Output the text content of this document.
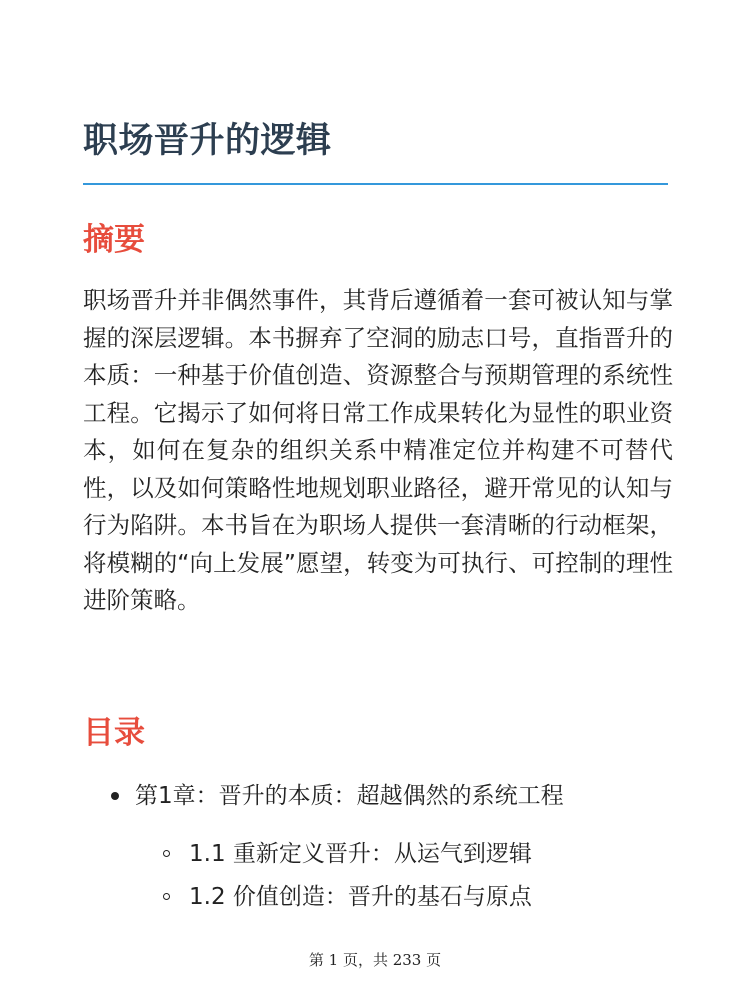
职场晋升的逻辑
摘要

职场晋升并非偶然事件，其背后遵循着一套可被认知与掌握的深层逻辑。本书摒弃了空洞的励志口号，直指晋升的本质：一种基于价值创造、资源整合与预期管理的系统性工程。它揭示了如何将日常工作成果转化为显性的职业资本，如何在复杂的组织关系中精准定位并构建不可替代性，以及如何策略性地规划职业路径，避开常见的认知与行为陷阱。本书旨在为职场人提供一套清晰的行动框架，将模糊的“向上发展”愿望，转变为可执行、可控制的理性进阶策略。

目录
第1章：晋升的本质：超越偶然的系统工程
1.1 重新定义晋升：从运气到逻辑
1.2 价值创造：晋升的基石与原点
第 1 页，共 233 页
